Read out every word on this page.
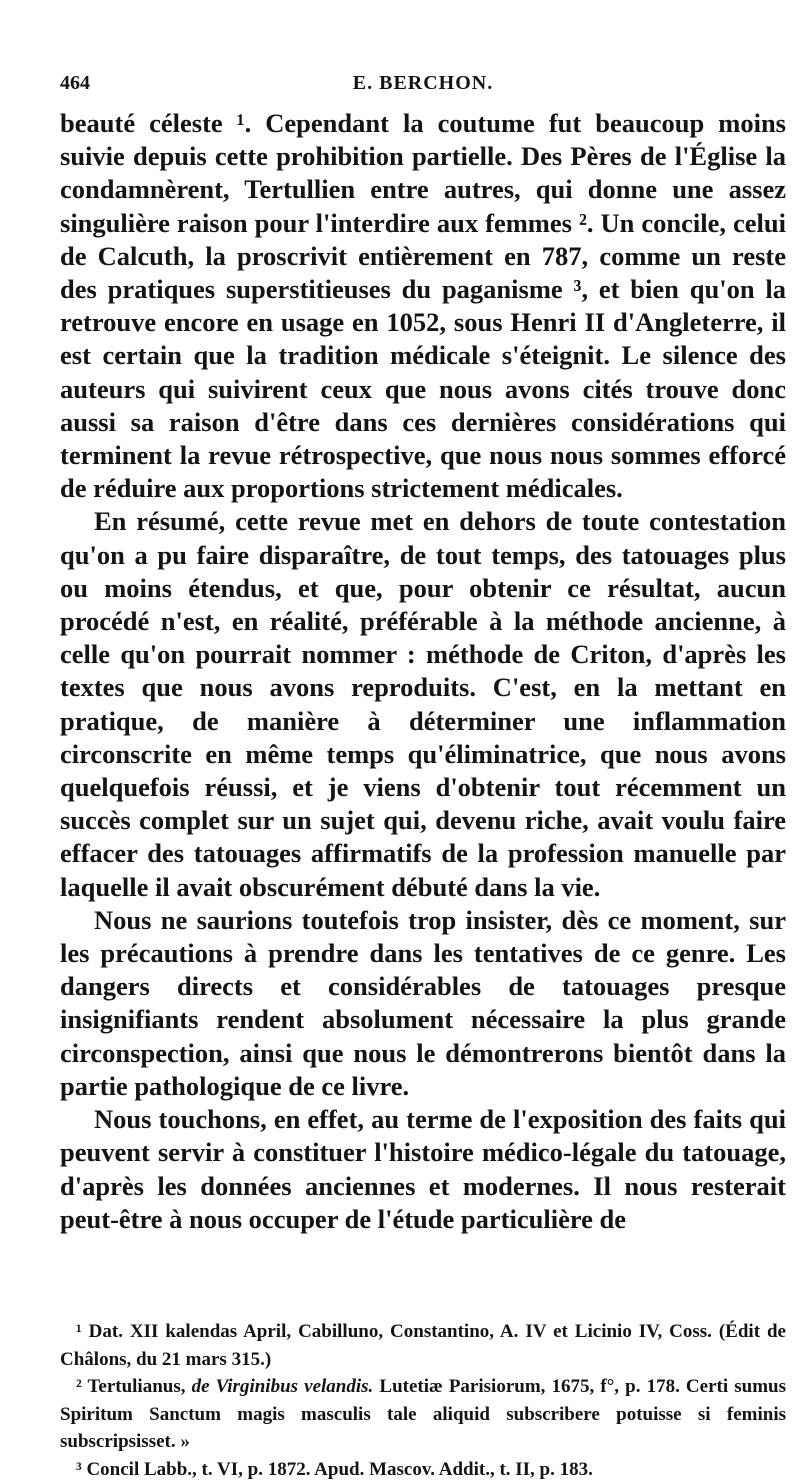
464	E. BERCHON.

beauté céleste ¹. Cependant la coutume fut beaucoup moins suivie depuis cette prohibition partielle. Des Pères de l'Église la condamnèrent, Tertullien entre autres, qui donne une assez singulière raison pour l'interdire aux femmes ². Un concile, celui de Calcuth, la proscrivit entièrement en 787, comme un reste des pratiques superstitieuses du paganisme ³, et bien qu'on la retrouve encore en usage en 1052, sous Henri II d'Angleterre, il est certain que la tradition médicale s'éteignit. Le silence des auteurs qui suivirent ceux que nous avons cités trouve donc aussi sa raison d'être dans ces dernières considérations qui terminent la revue rétrospective, que nous nous sommes efforcé de réduire aux proportions strictement médicales.

En résumé, cette revue met en dehors de toute contestation qu'on a pu faire disparaître, de tout temps, des tatouages plus ou moins étendus, et que, pour obtenir ce résultat, aucun procédé n'est, en réalité, préférable à la méthode ancienne, à celle qu'on pourrait nommer : méthode de Criton, d'après les textes que nous avons reproduits. C'est, en la mettant en pratique, de manière à déterminer une inflammation circonscrite en même temps qu'éliminatrice, que nous avons quelquefois réussi, et je viens d'obtenir tout récemment un succès complet sur un sujet qui, devenu riche, avait voulu faire effacer des tatouages affirmatifs de la profession manuelle par laquelle il avait obscurément débuté dans la vie.

Nous ne saurions toutefois trop insister, dès ce moment, sur les précautions à prendre dans les tentatives de ce genre. Les dangers directs et considérables de tatouages presque insignifiants rendent absolument nécessaire la plus grande circonspection, ainsi que nous le démontrerons bientôt dans la partie pathologique de ce livre.

Nous touchons, en effet, au terme de l'exposition des faits qui peuvent servir à constituer l'histoire médico-légale du tatouage, d'après les données anciennes et modernes. Il nous resterait peut-être à nous occuper de l'étude particulière de

¹ Dat. XII kalendas April, Cabilluno, Constantino, A. IV et Licinio IV, Coss. (Édit de Châlons, du 21 mars 315.)

² Tertulianus, de Virginibus velandis. Lutetiæ Parisiorum, 1675, f°, p. 178. Certi sumus Spiritum Sanctum magis masculis tale aliquid subscribere potuisse si feminis subscripsisset. »

³ Concil Labb., t. VI, p. 1872. Apud. Mascov. Addit., t. II, p. 183.
